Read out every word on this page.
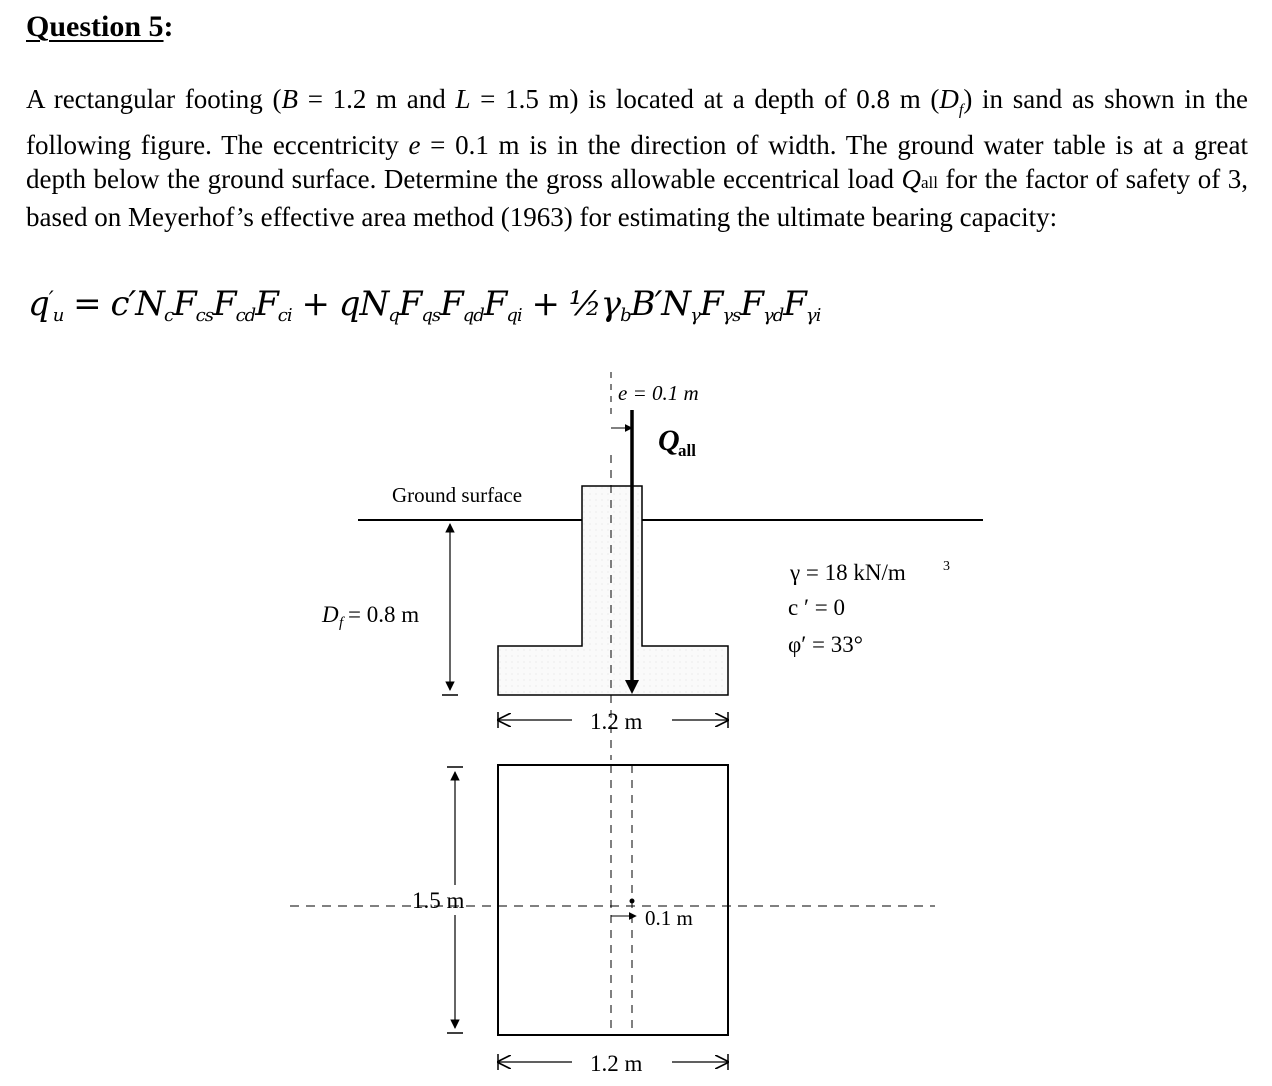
Question 5:

A rectangular footing (B = 1.2 m and L = 1.5 m) is located at a depth of 0.8 m $(D_f)$ in sand as shown in the following figure. The eccentricity e = 0.1 m is in the direction of width. The ground water table is at a great depth below the ground surface. Determine the gross allowable eccentrical load Qall for the factor of safety of 3, based on Meyerhof’s effective area method (1963) for estimating the ultimate bearing capacity:

$q'_u = c'N_cF_{cs}F_{cd}F_{ci} + qN_qF_{qs}F_{qd}F_{qi}$ + $\frac{1}{2}\gamma_bB'N_\gamma F_{\gamma s}F_{\gamma d}F_{\gamma i}$
e = 0.1 m
Q
all
Ground surface
D f = 0.8 m
1.2 m
γ = 18 kN/m	3
c ′ = 0
φ′ = 33°
0.1 m
1.5 m
1.2 m
